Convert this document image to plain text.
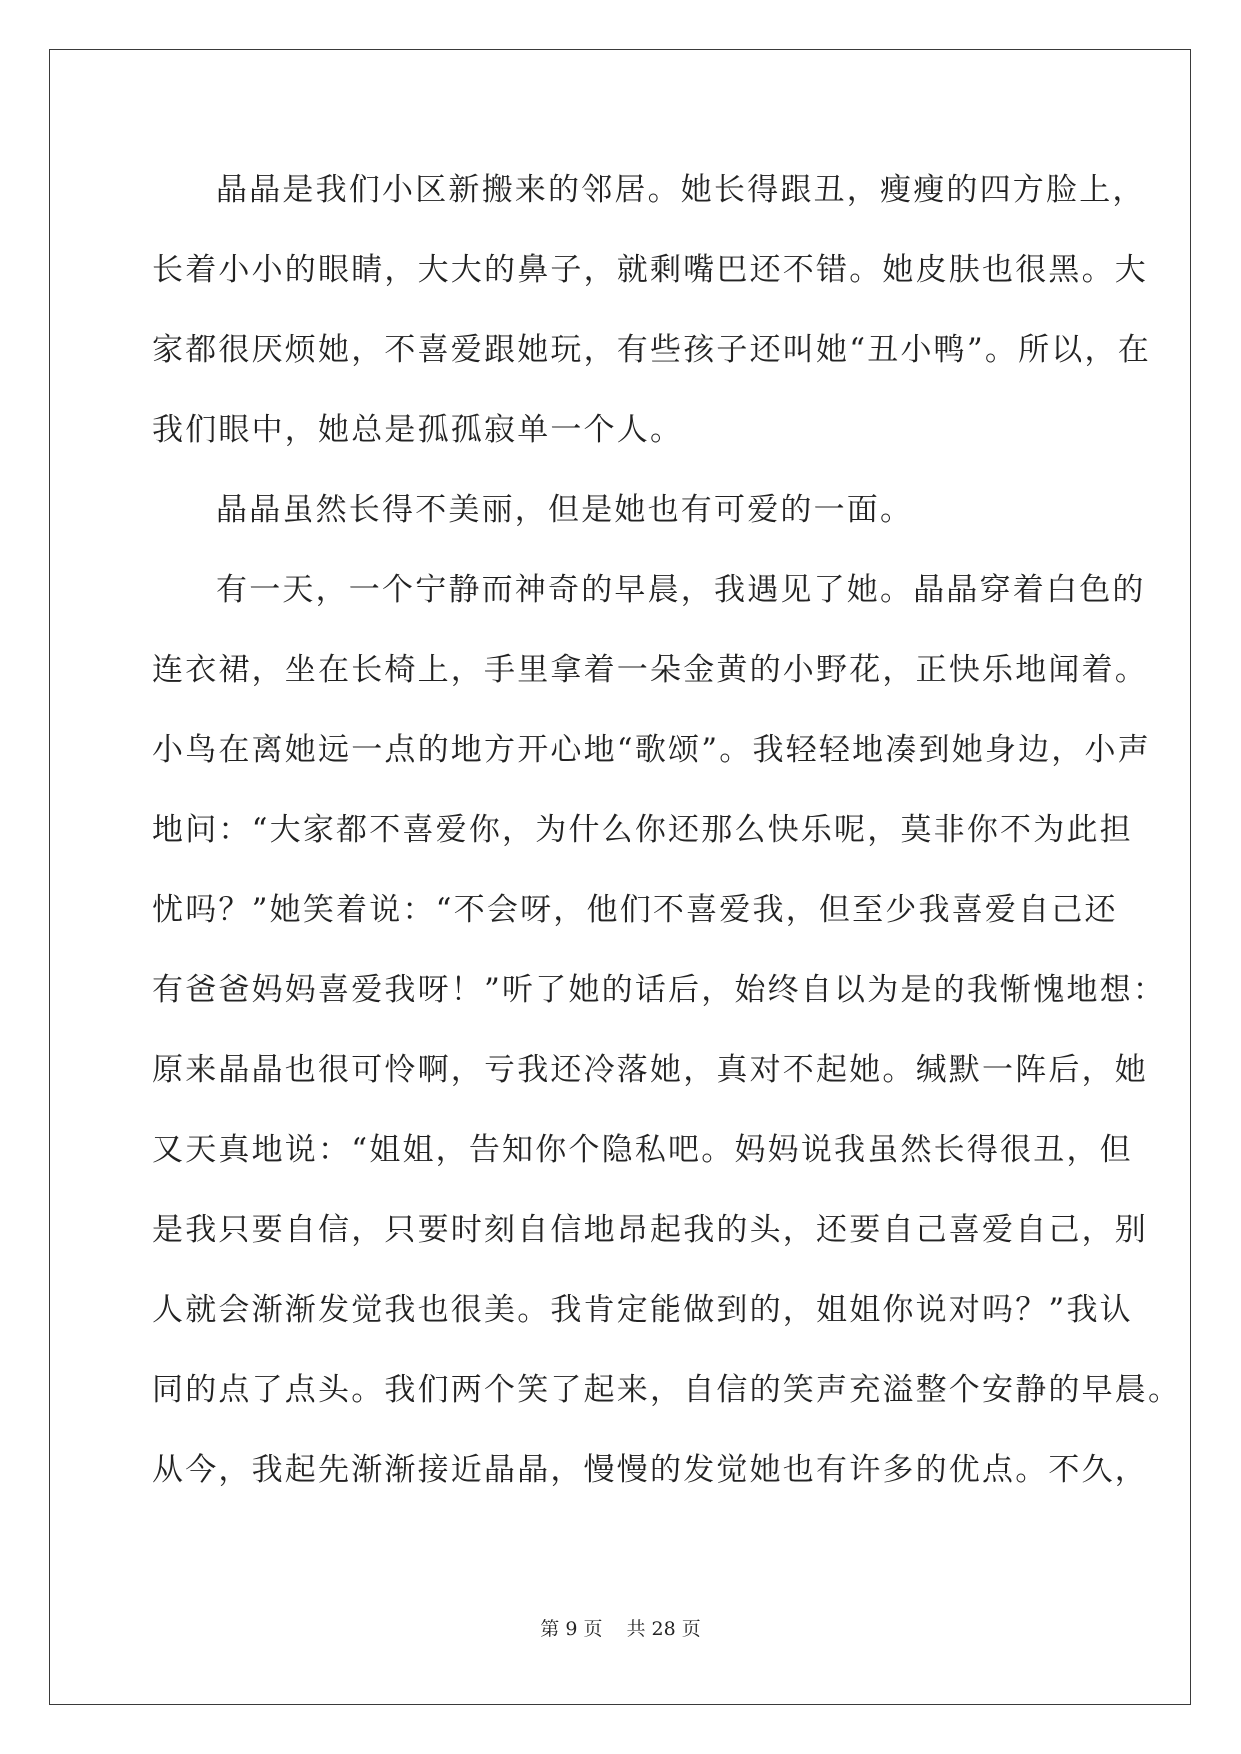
晶晶是我们小区新搬来的邻居。她长得跟丑，瘦瘦的四方脸上，
长着小小的眼睛，大大的鼻子，就剩嘴巴还不错。她皮肤也很黑。大
家都很厌烦她，不喜爱跟她玩，有些孩子还叫她“丑小鸭”。所以，在
我们眼中，她总是孤孤寂单一个人。
晶晶虽然长得不美丽，但是她也有可爱的一面。
有一天，一个宁静而神奇的早晨，我遇见了她。晶晶穿着白色的
连衣裙，坐在长椅上，手里拿着一朵金黄的小野花，正快乐地闻着。
小鸟在离她远一点的地方开心地“歌颂”。我轻轻地凑到她身边，小声
地问：“大家都不喜爱你，为什么你还那么快乐呢，莫非你不为此担
忧吗？”她笑着说：“不会呀，他们不喜爱我，但至少我喜爱自己还
有爸爸妈妈喜爱我呀！”听了她的话后，始终自以为是的我惭愧地想：
原来晶晶也很可怜啊，亏我还冷落她，真对不起她。缄默一阵后，她
又天真地说：“姐姐，告知你个隐私吧。妈妈说我虽然长得很丑，但
是我只要自信，只要时刻自信地昂起我的头，还要自己喜爱自己，别
人就会渐渐发觉我也很美。我肯定能做到的，姐姐你说对吗？”我认
同的点了点头。我们两个笑了起来，自信的笑声充溢整个安静的早晨。
从今，我起先渐渐接近晶晶，慢慢的发觉她也有许多的优点。不久，
第 9 页 共 28 页
